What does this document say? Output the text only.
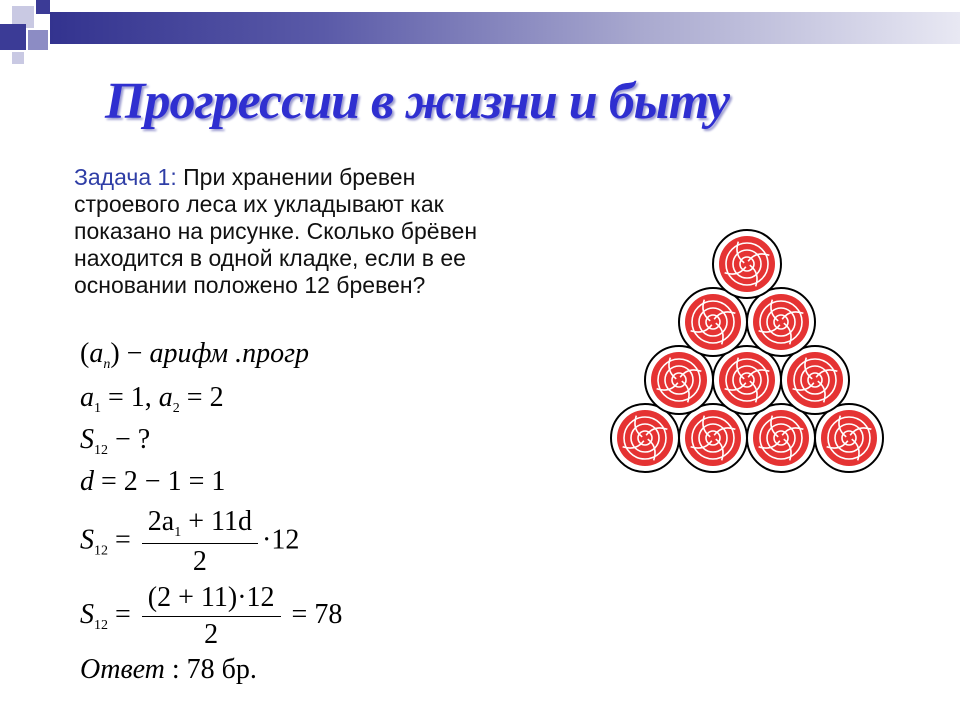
Прогрессии в жизни и быту
Задача 1: При хранении бревен строевого леса их укладывают как показано на рисунке. Сколько брёвен находится в одной кладке, если в ее основании положено 12 бревен?
$(a_n)$ − арифм .прогр
$a_1 = 1$, $a_2 = 2$
$S_{12}$ − ?
d = 2 − 1 = 1
$S_{12} = \frac{2a_1 + 11d}{2} \cdot 12$
$S_{12} = \frac{(2 + 11)\cdot 12}{2} = 78$
Ответ : 78 бр.
